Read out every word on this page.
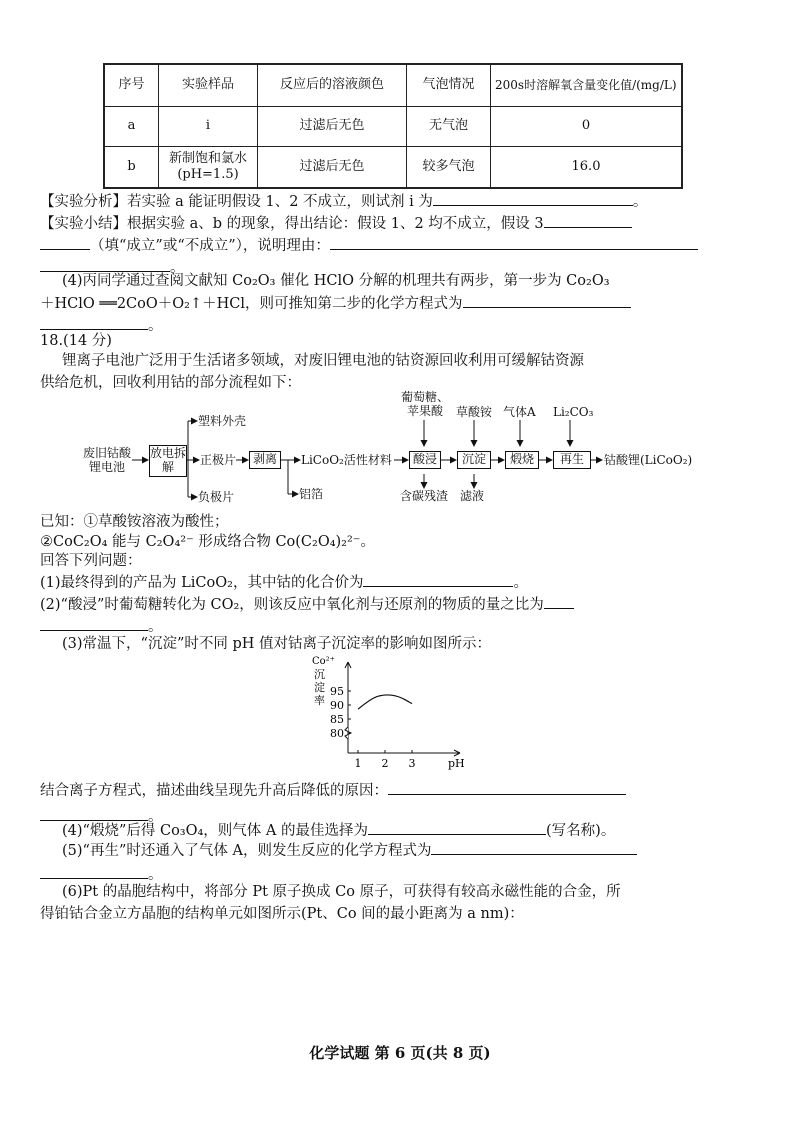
序号	实验样品	反应后的溶液颜色	气泡情况	200s时溶解氧含量变化值/(mg/L)
a	i	过滤后无色	无气泡	0
b	新制饱和氯水(pH=1.5)	过滤后无色	较多气泡	16.0
【实验分析】若实验 a 能证明假设 1、2 不成立，则试剂 i 为	。
【实验小结】根据实验 a、b 的现象，得出结论：假设 1、2 均不成立，假设 3
（填“成立”或“不成立”），说明理由：
。
(4)丙同学通过查阅文献知 Co₂O₃ 催化 HClO 分解的机理共有两步，第一步为 Co₂O₃
＋HClO ══2CoO＋O₂↑＋HCl，则可推知第二步的化学方程式为
。
18.(14 分)
锂离子电池广泛用于生活诸多领域，对废旧锂电池的钴资源回收利用可缓解钴资源
供给危机，回收利用钴的部分流程如下：
废旧钴酸锂电池
放电拆解
塑料外壳
正极片
负极片
剥离	LiCoO₂活性材料
铝箔
葡萄糖、苹果酸
酸浸
含碳残渣
草酸铵
沉淀
滤液
气体A
煅烧
Li₂CO₃
再生	钴酸锂(LiCoO₂)
已知：①草酸铵溶液为酸性；
②CoC₂O₄ 能与 C₂O₄²⁻ 形成络合物 Co(C₂O₄)₂²⁻。
回答下列问题：
(1)最终得到的产品为 LiCoO₂，其中钴的化合价为	。
(2)“酸浸”时葡萄糖转化为 CO₂，则该反应中氧化剂与还原剂的物质的量之比为
。
(3)常温下，“沉淀”时不同 pH 值对钴离子沉淀率的影响如图所示：
80
85
90
95
1 2 3	pH
Co²⁺
沉
淀
率
结合离子方程式，描述曲线呈现先升高后降低的原因：
。
(4)“煅烧”后得 Co₃O₄，则气体 A 的最佳选择为	(写名称)。
(5)“再生”时还通入了气体 A，则发生反应的化学方程式为
。
(6)Pt 的晶胞结构中，将部分 Pt 原子换成 Co 原子，可获得有较高永磁性能的合金，所
得铂钴合金立方晶胞的结构单元如图所示(Pt、Co 间的最小距离为 a nm)：
化学试题 第 6 页(共 8 页)
